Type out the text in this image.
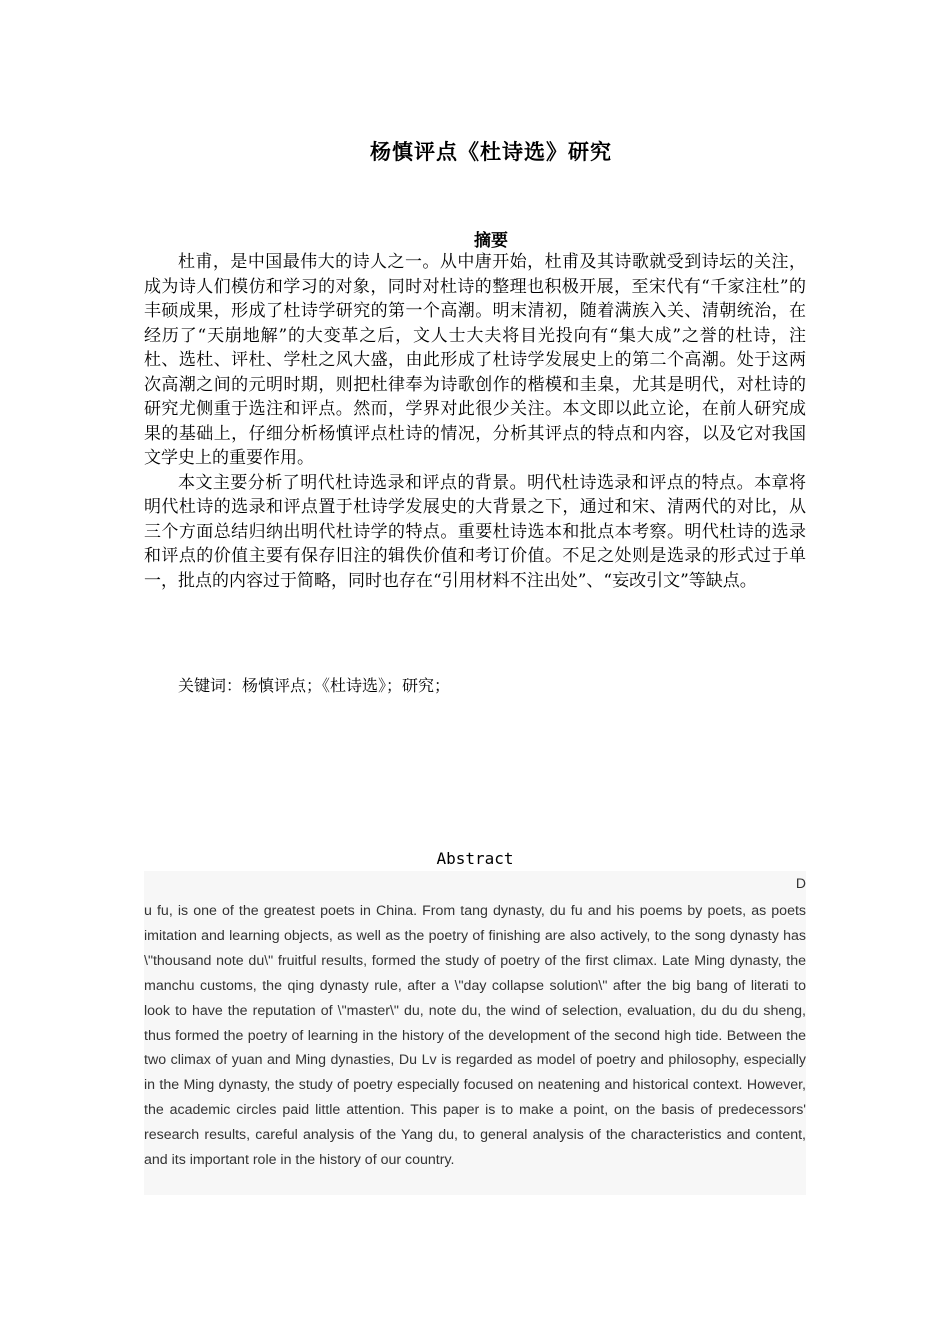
杨慎评点《杜诗选》研究
摘要

杜甫，是中国最伟大的诗人之一。从中唐开始，杜甫及其诗歌就受到诗坛的关注，成为诗人们模仿和学习的对象，同时对杜诗的整理也积极开展，至宋代有“千家注杜”的丰硕成果，形成了杜诗学研究的第一个高潮。明末清初，随着满族入关、清朝统治，在经历了“天崩地解”的大变革之后，文人士大夫将目光投向有“集大成”之誉的杜诗，注杜、选杜、评杜、学杜之风大盛，由此形成了杜诗学发展史上的第二个高潮。处于这两次高潮之间的元明时期，则把杜律奉为诗歌创作的楷模和圭臬，尤其是明代，对杜诗的研究尤侧重于选注和评点。然而，学界对此很少关注。本文即以此立论，在前人研究成果的基础上，仔细分析杨慎评点杜诗的情况，分析其评点的特点和内容，以及它对我国文学史上的重要作用。

本文主要分析了明代杜诗选录和评点的背景。明代杜诗选录和评点的特点。本章将明代杜诗的选录和评点置于杜诗学发展史的大背景之下，通过和宋、清两代的对比，从三个方面总结归纳出明代杜诗学的特点。重要杜诗选本和批点本考察。明代杜诗的选录和评点的价值主要有保存旧注的辑佚价值和考订价值。不足之处则是选录的形式过于单一，批点的内容过于简略，同时也存在“引用材料不注出处”、“妄改引文”等缺点。

关键词：杨慎评点；《杜诗选》；研究；
Abstract
D

u fu, is one of the greatest poets in China. From tang dynasty, du fu and his poems by poets, as poets imitation and learning objects, as well as the poetry of finishing are also actively, to the song dynasty has \"thousand note du\" fruitful results, formed the study of poetry of the first climax. Late Ming dynasty, the manchu customs, the qing dynasty rule, after a \"day collapse solution\" after the big bang of literati to look to have the reputation of \"master\" du, note du, the wind of selection, evaluation, du du du sheng, thus formed the poetry of learning in the history of the development of the second high tide. Between the two climax of yuan and Ming dynasties, Du Lv is regarded as model of poetry and philosophy, especially in the Ming dynasty, the study of poetry especially focused on neatening and historical context. However, the academic circles paid little attention. This paper is to make a point, on the basis of predecessors' research results, careful analysis of the Yang du, to general analysis of the characteristics and content, and its important role in the history of our country.
